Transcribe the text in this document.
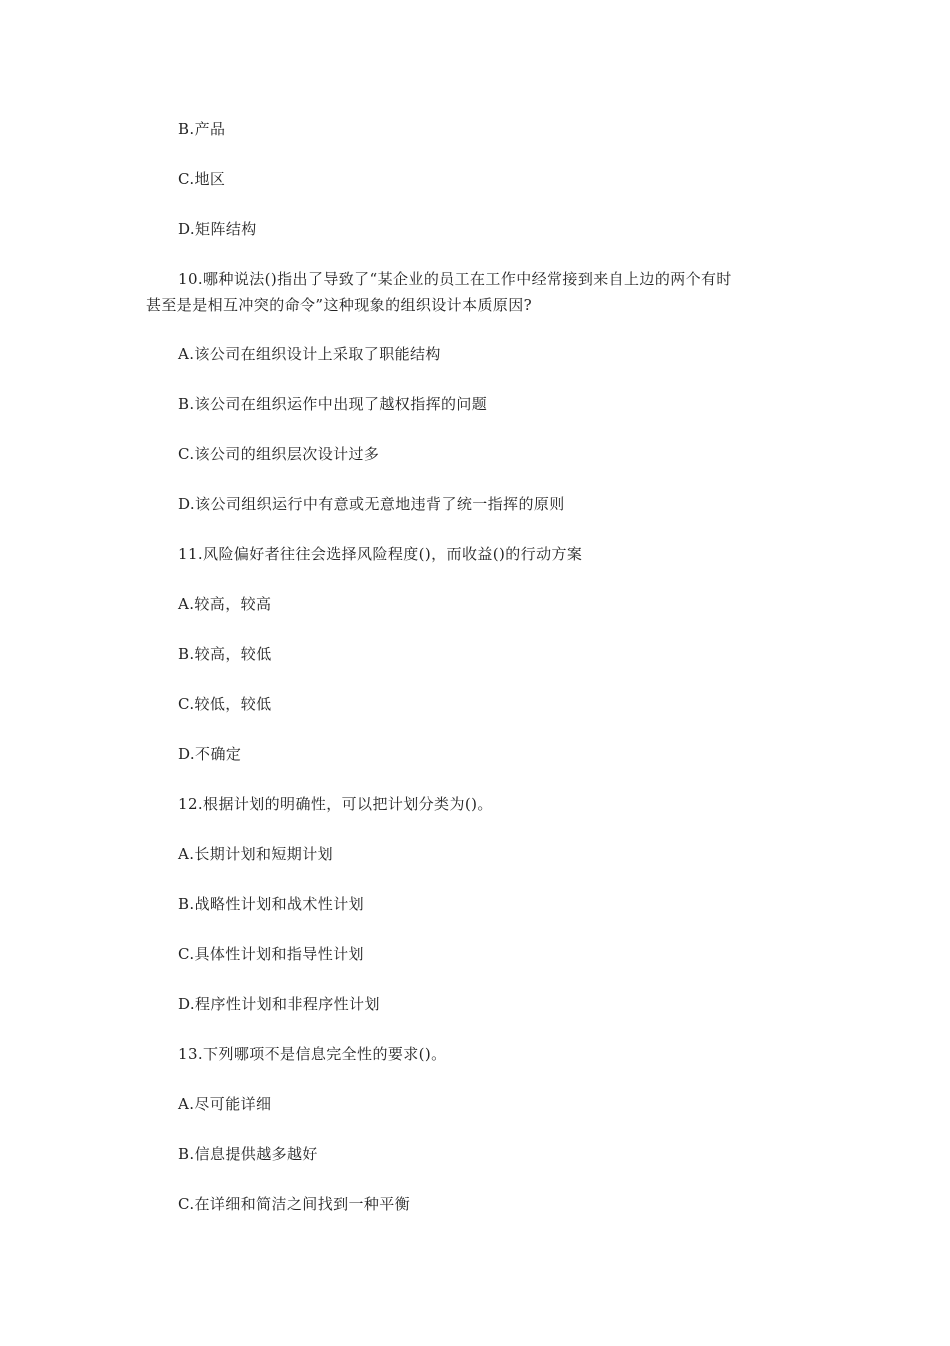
B.产品
C.地区
D.矩阵结构
10.哪种说法()指出了导致了“某企业的员工在工作中经常接到来自上边的两个有时
甚至是是相互冲突的命令”这种现象的组织设计本质原因?
A.该公司在组织设计上采取了职能结构
B.该公司在组织运作中出现了越权指挥的问题
C.该公司的组织层次设计过多
D.该公司组织运行中有意或无意地违背了统一指挥的原则
11.风险偏好者往往会选择风险程度()，而收益()的行动方案
A.较高，较高
B.较高，较低
C.较低，较低
D.不确定
12.根据计划的明确性，可以把计划分类为()。
A.长期计划和短期计划
B.战略性计划和战术性计划
C.具体性计划和指导性计划
D.程序性计划和非程序性计划
13.下列哪项不是信息完全性的要求()。
A.尽可能详细
B.信息提供越多越好
C.在详细和简洁之间找到一种平衡
